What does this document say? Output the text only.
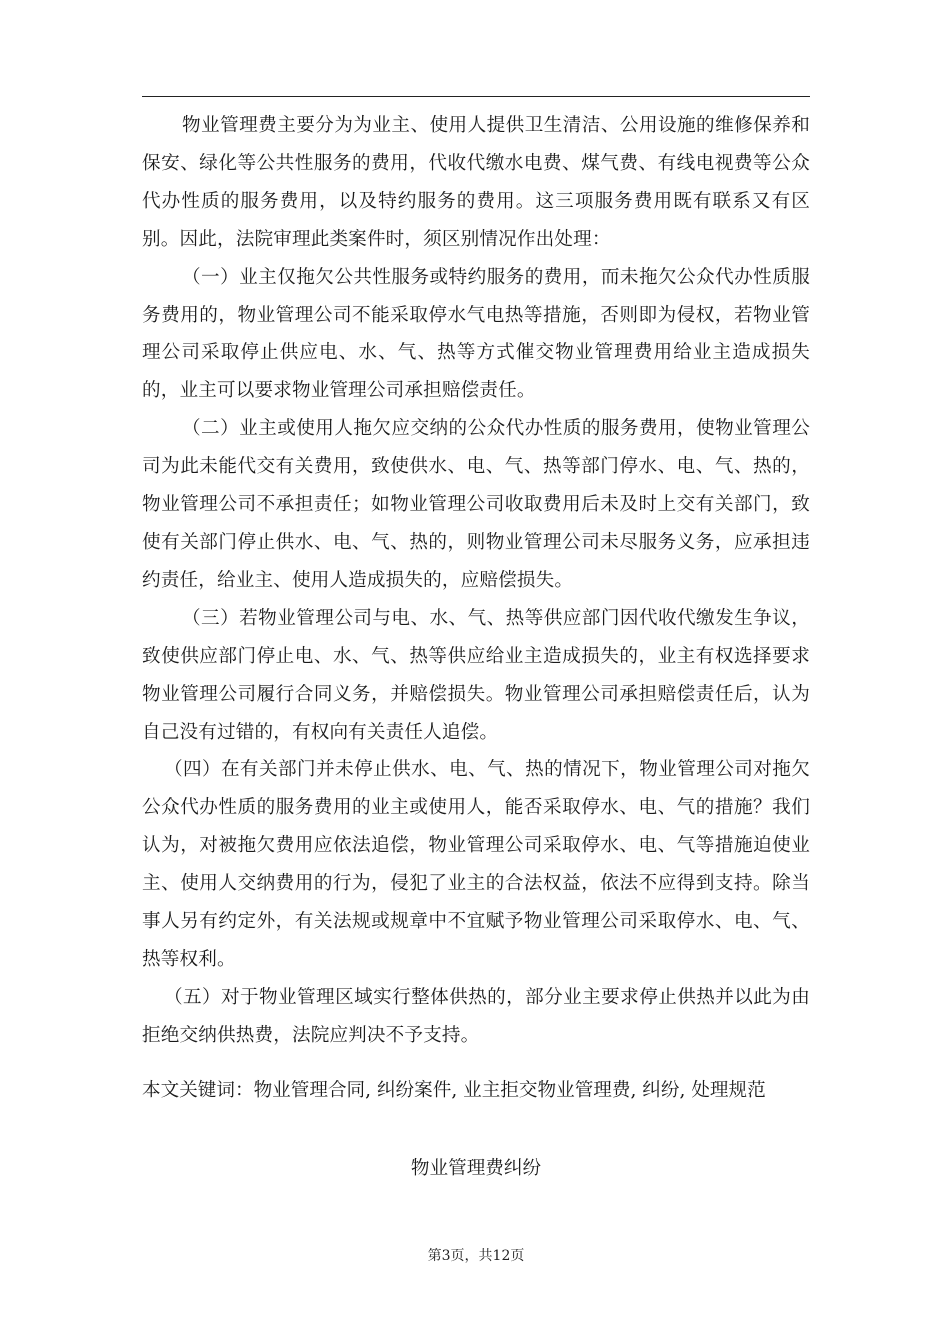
物业管理费主要分为为业主、使用人提供卫生清洁、公用设施的维修保养和保安、绿化等公共性服务的费用，代收代缴水电费、煤气费、有线电视费等公众代办性质的服务费用，以及特约服务的费用。这三项服务费用既有联系又有区别。因此，法院审理此类案件时，须区别情况作出处理：

（一）业主仅拖欠公共性服务或特约服务的费用，而未拖欠公众代办性质服务费用的，物业管理公司不能采取停水气电热等措施，否则即为侵权，若物业管理公司采取停止供应电、水、气、热等方式催交物业管理费用给业主造成损失的，业主可以要求物业管理公司承担赔偿责任。

（二）业主或使用人拖欠应交纳的公众代办性质的服务费用，使物业管理公司为此未能代交有关费用，致使供水、电、气、热等部门停水、电、气、热的，物业管理公司不承担责任；如物业管理公司收取费用后未及时上交有关部门，致使有关部门停止供水、电、气、热的，则物业管理公司未尽服务义务，应承担违约责任，给业主、使用人造成损失的，应赔偿损失。

（三）若物业管理公司与电、水、气、热等供应部门因代收代缴发生争议，致使供应部门停止电、水、气、热等供应给业主造成损失的，业主有权选择要求物业管理公司履行合同义务，并赔偿损失。物业管理公司承担赔偿责任后，认为自己没有过错的，有权向有关责任人追偿。

（四）在有关部门并未停止供水、电、气、热的情况下，物业管理公司对拖欠公众代办性质的服务费用的业主或使用人，能否采取停水、电、气的措施？我们认为，对被拖欠费用应依法追偿，物业管理公司采取停水、电、气等措施迫使业主、使用人交纳费用的行为，侵犯了业主的合法权益，依法不应得到支持。除当事人另有约定外，有关法规或规章中不宜赋予物业管理公司采取停水、电、气、热等权利。

（五）对于物业管理区域实行整体供热的，部分业主要求停止供热并以此为由拒绝交纳供热费，法院应判决不予支持。

本文关键词：物业管理合同, 纠纷案件, 业主拒交物业管理费, 纠纷, 处理规范

物业管理费纠纷

第3页，共12页
